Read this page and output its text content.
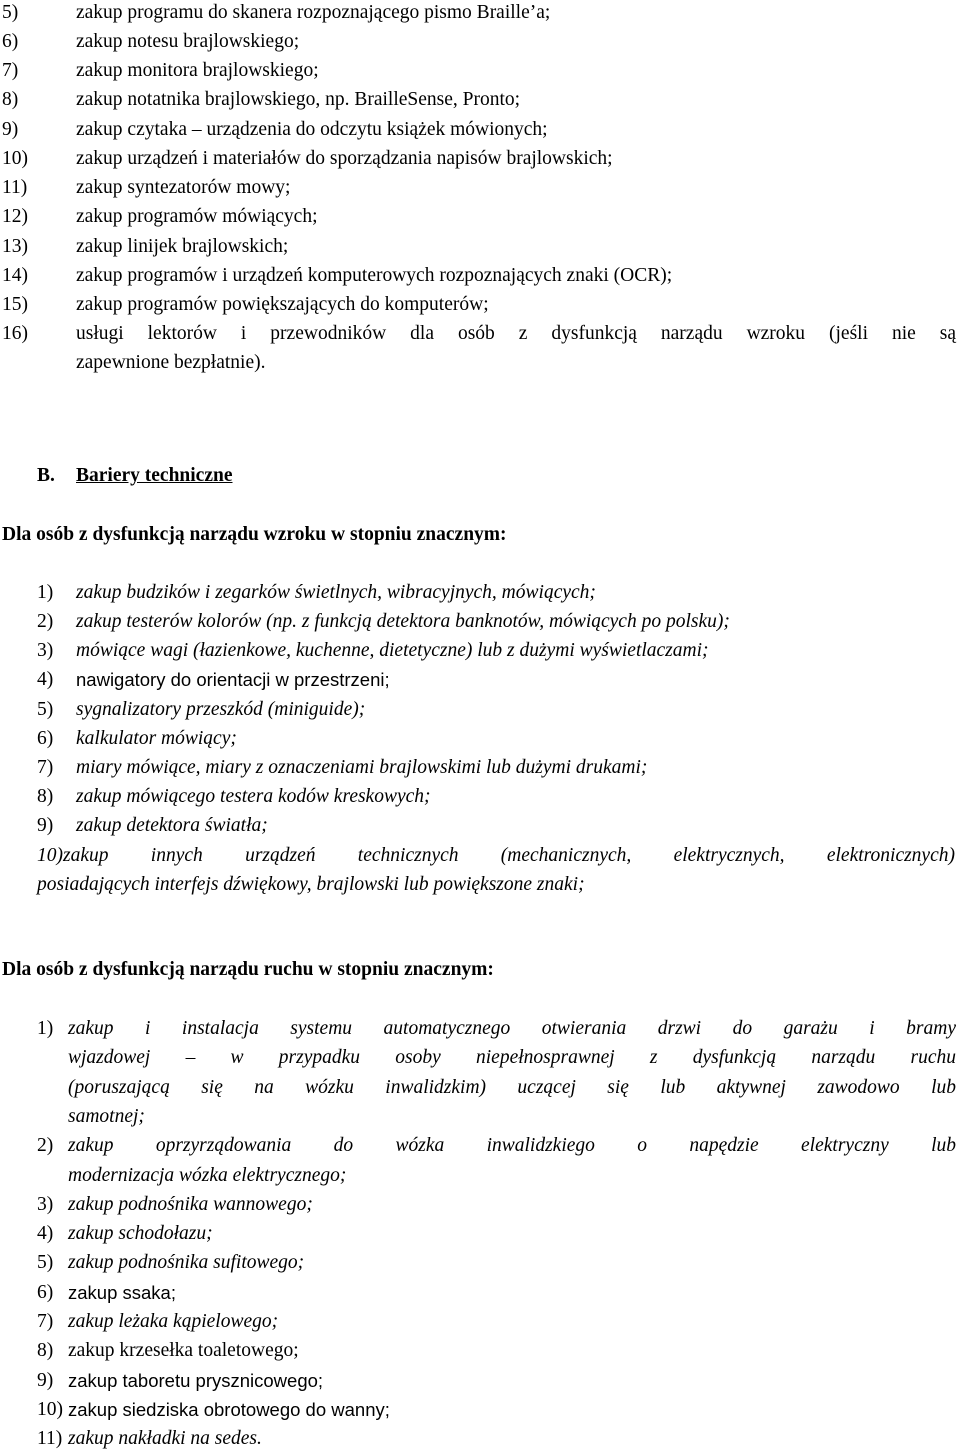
5)	zakup programu do skanera rozpoznającego pismo Braille’a;
6)	zakup notesu brajlowskiego;
7)	zakup monitora brajlowskiego;
8)	zakup notatnika brajlowskiego, np. BrailleSense, Pronto;
9)	zakup czytaka – urządzenia do odczytu książek mówionych;
10) zakup urządzeń i materiałów do sporządzania napisów brajlowskich;
11) zakup syntezatorów mowy;
12) zakup programów mówiących;
13) zakup linijek brajlowskich;
14) zakup programów i urządzeń komputerowych rozpoznających znaki (OCR);
15) zakup programów powiększających do komputerów;
16) usługi lektorów i przewodników dla osób z dysfunkcją narządu wzroku (jeśli nie są
zapewnione bezpłatnie).
B. Bariery techniczne
Dla osób z dysfunkcją narządu wzroku w stopniu znacznym:
1) zakup budzików i zegarków świetlnych, wibracyjnych, mówiących;
2) zakup testerów kolorów (np. z funkcją detektora banknotów, mówiących po polsku);
3) mówiące wagi (łazienkowe, kuchenne, dietetyczne) lub z dużymi wyświetlaczami;
4) nawigatory do orientacji w przestrzeni;
5) sygnalizatory przeszkód (miniguide);
6) kalkulator mówiący;
7) miary mówiące, miary z oznaczeniami brajlowskimi lub dużymi drukami;
8) zakup mówiącego testera kodów kreskowych;
9) zakup detektora światła;
10)zakup innych urządzeń technicznych (mechanicznych, elektrycznych, elektronicznych)
posiadających interfejs dźwiękowy, brajlowski lub powiększone znaki;
Dla osób z dysfunkcją narządu ruchu w stopniu znacznym:
1) zakup i instalacja systemu automatycznego otwierania drzwi do garażu i bramy
wjazdowej – w przypadku osoby niepełnosprawnej z dysfunkcją narządu ruchu
(poruszającą się na wózku inwalidzkim) uczącej się lub aktywnej zawodowo lub
samotnej;
2) zakup oprzyrządowania do wózka inwalidzkiego o napędzie elektryczny lub
modernizacja wózka elektrycznego;
3) zakup podnośnika wannowego;
4) zakup schodołazu;
5) zakup podnośnika sufitowego;
6) zakup ssaka;
7) zakup leżaka kąpielowego;
8) zakup krzesełka toaletowego;
9) zakup taboretu prysznicowego;
10) zakup siedziska obrotowego do wanny;
11) zakup nakładki na sedes.
